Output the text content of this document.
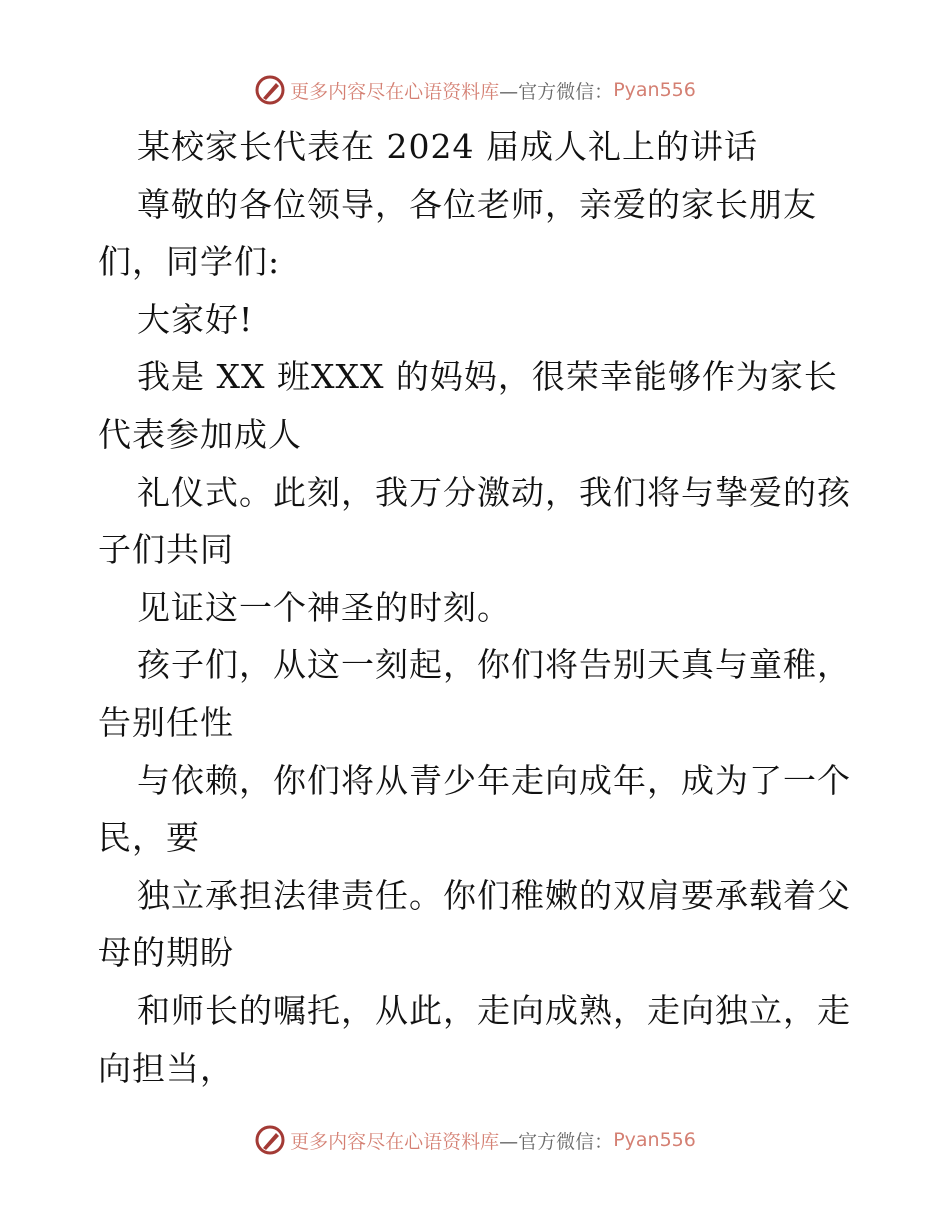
更多内容尽在心语资料库 —官方微信： Pyan556
某校家长代表在 2024 届成人礼上的讲话
尊敬的各位领导，各位老师，亲爱的家长朋友
们，同学们:
大家好!
我是 XX 班XXX 的妈妈，很荣幸能够作为家长
代表参加成人
礼仪式。此刻，我万分激动，我们将与挚爱的孩
子们共同
见证这一个神圣的时刻。
孩子们，从这一刻起，你们将告别天真与童稚，
告别任性
与依赖，你们将从青少年走向成年，成为了一个
民，要
独立承担法律责任。你们稚嫩的双肩要承载着父
母的期盼
和师长的嘱托，从此，走向成熟，走向独立，走
向担当，
更多内容尽在心语资料库 —官方微信： Pyan556
